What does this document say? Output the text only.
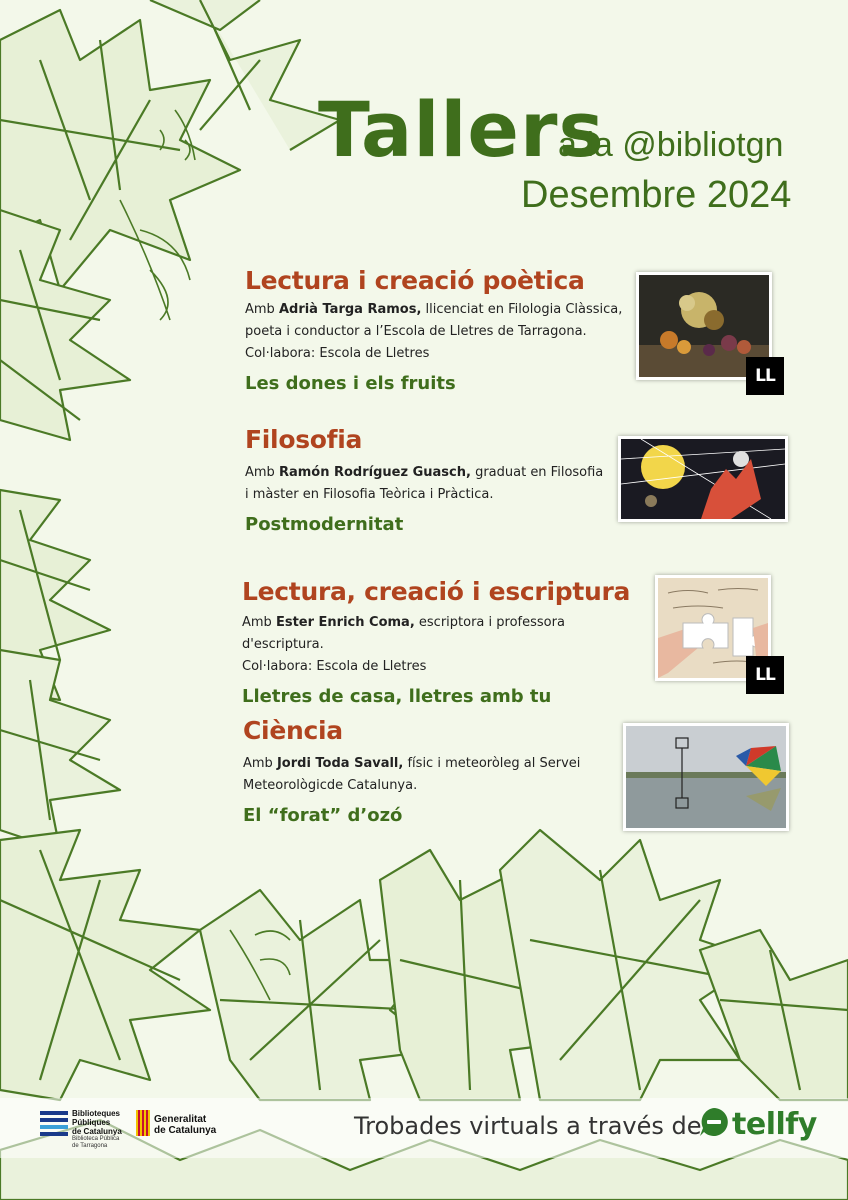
Tallers
a la @bibliotgn
Desembre 2024
Lectura i creació poètica
Amb Adrià Targa Ramos, llicenciat en Filologia Clàssica,
poeta i conductor a l’Escola de Lletres de Tarragona.
Col·labora: Escola de Lletres
Les dones i els fruits	LL
Filosofia
Amb Ramón Rodríguez Guasch, graduat en Filosofia
i màster en Filosofia Teòrica i Pràctica.
Postmodernitat
Lectura, creació i escriptura
Amb Ester Enrich Coma, escriptora i professora d'escriptura.
Col·labora: Escola de Lletres
Lletres de casa, lletres amb tu
LL
Ciència
Amb Jordi Toda Savall, físic i meteoròleg al Servei
Meteorològicde Catalunya.
El “forat” d’ozó
Biblioteques
Públiques
de Catalunya
Biblioteca Pública
de Tarragona
Generalitat
de Catalunya	Trobades virtuals a través de tellfy
